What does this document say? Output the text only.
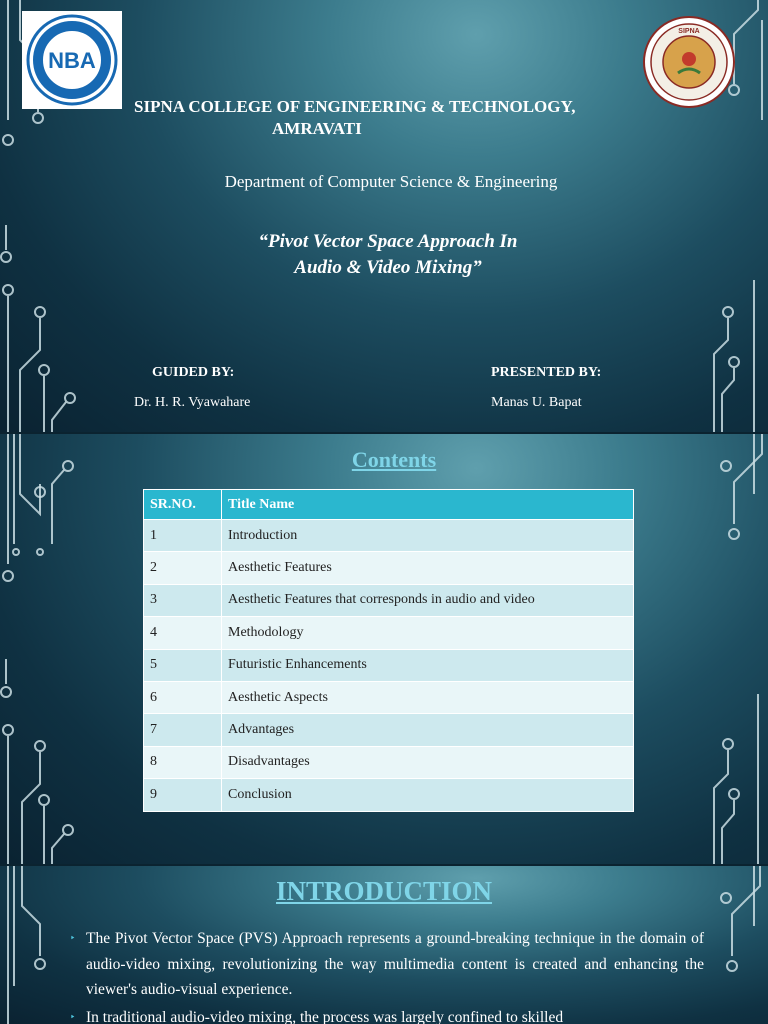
NBA
SIPNA
SIPNA COLLEGE OF ENGINEERING & TECHNOLOGY,
AMRAVATI
Department of Computer Science & Engineering
“Pivot Vector Space Approach In
Audio & Video Mixing”
GUIDED BY:
Dr. H. R. Vyawahare
PRESENTED BY:
Manas U. Bapat
Contents
SR.NO.	Title Name
1	Introduction
2	Aesthetic Features
3	Aesthetic Features that corresponds in audio and video
4	Methodology
5	Futuristic Enhancements
6	Aesthetic Aspects
7	Advantages
8	Disadvantages
9	Conclusion
INTRODUCTION
‣ The Pivot Vector Space (PVS) Approach represents a ground-breaking technique in the domain of audio-video mixing, revolutionizing the way multimedia content is created and enhancing the viewer's audio-visual experience.
‣ In traditional audio-video mixing, the process was largely confined to skilled
